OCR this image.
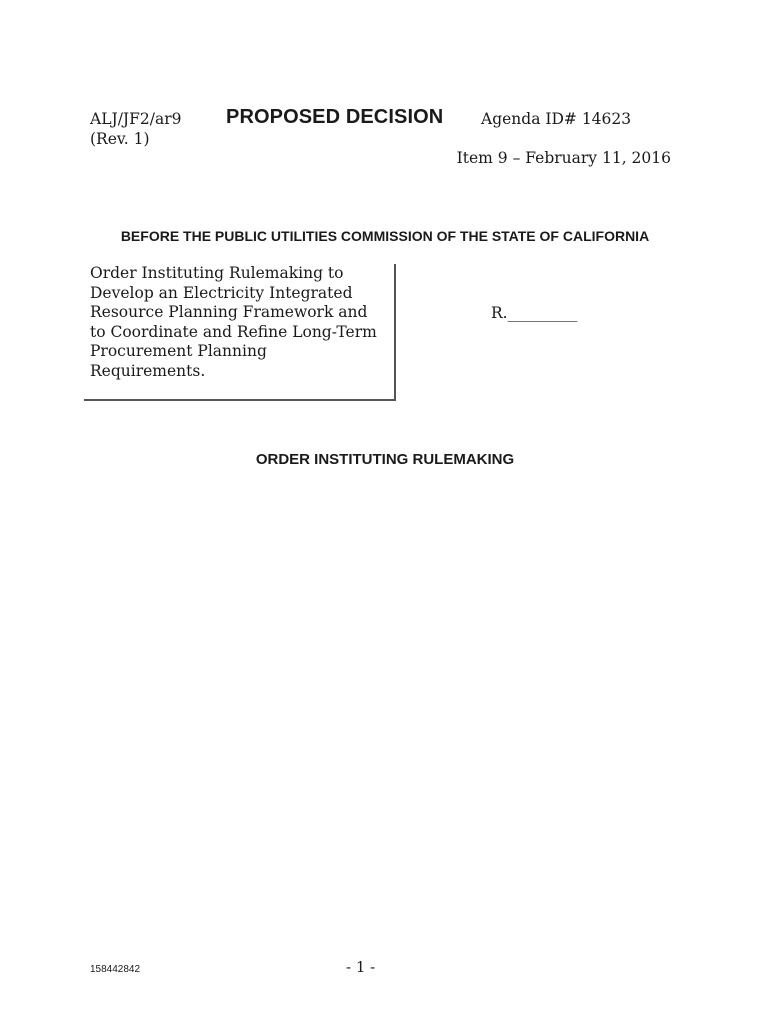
ALJ/JF2/ar9
(Rev. 1)
PROPOSED DECISION Agenda ID# 14623
Item 9 – February 11, 2016
BEFORE THE PUBLIC UTILITIES COMMISSION OF THE STATE OF CALIFORNIA
Order Instituting Rulemaking to
Develop an Electricity Integrated
Resource Planning Framework and
to Coordinate and Refine Long-Term
Procurement Planning
Requirements.
R._________
ORDER INSTITUTING RULEMAKING
158442842	- 1 -
